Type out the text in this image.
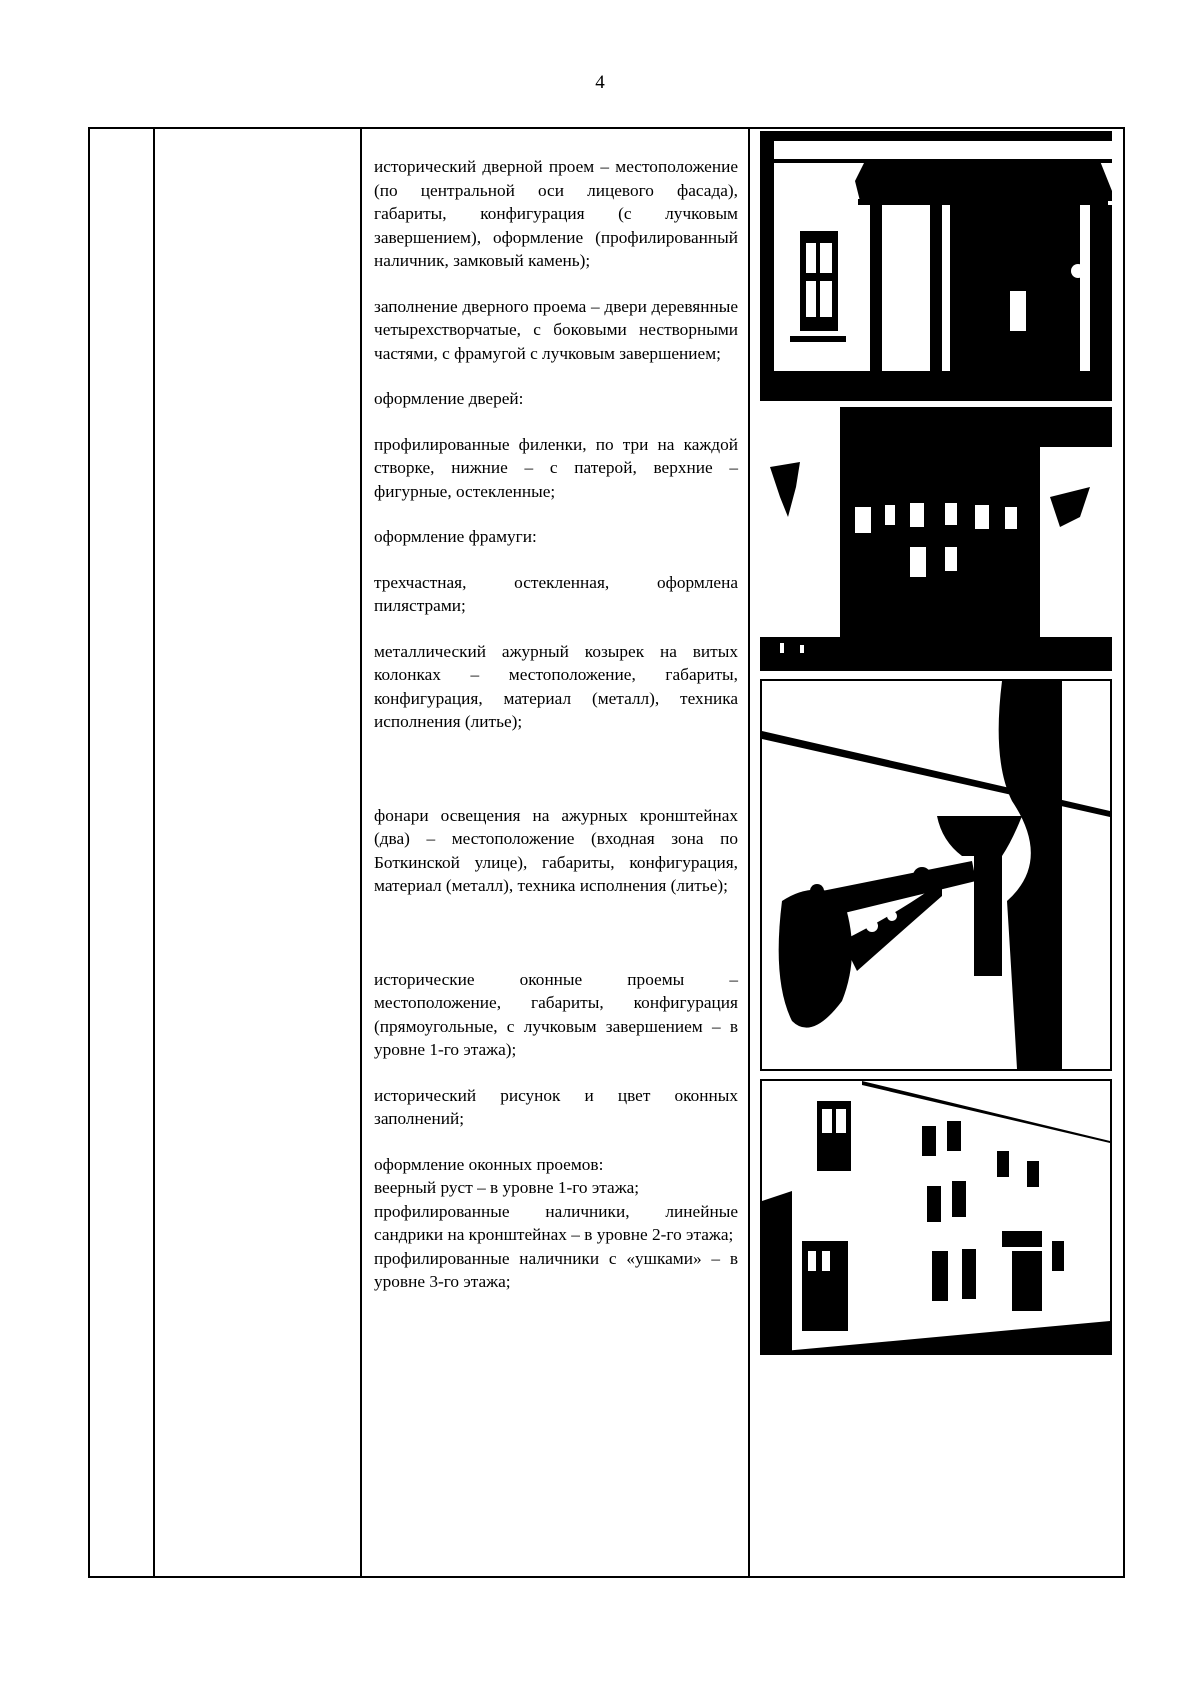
4

исторический дверной проем – местоположение (по центральной оси лицевого фасада), габариты, конфигурация (с лучковым завершением), оформление (профилированный наличник, замковый камень);

заполнение дверного проема – двери деревянные четырехстворчатые, с боковыми нестворными частями, с фрамугой с лучковым завершением;

оформление дверей:

профилированные филенки, по три на каждой створке, нижние – с патерой, верхние – фигурные, остекленные;

оформление фрамуги:

трехчастная, остекленная, оформлена пилястрами;

металлический ажурный козырек на витых колонках – местоположение, габариты, конфигурация, материал (металл), техника исполнения (литье);

фонари освещения на ажурных кронштейнах (два) – местоположение (входная зона по Боткинской улице), габариты, конфигурация, материал (металл), техника исполнения (литье);

исторические оконные проемы – местоположение, габариты, конфигурация (прямоугольные, с лучковым завершением – в уровне 1-го этажа);

исторический рисунок и цвет оконных заполнений;

оформление оконных проемов:

веерный руст – в уровне 1-го этажа;

профилированные наличники, линейные сандрики на кронштейнах – в уровне 2-го этажа;

профилированные наличники с «ушками» – в уровне 3-го этажа;
